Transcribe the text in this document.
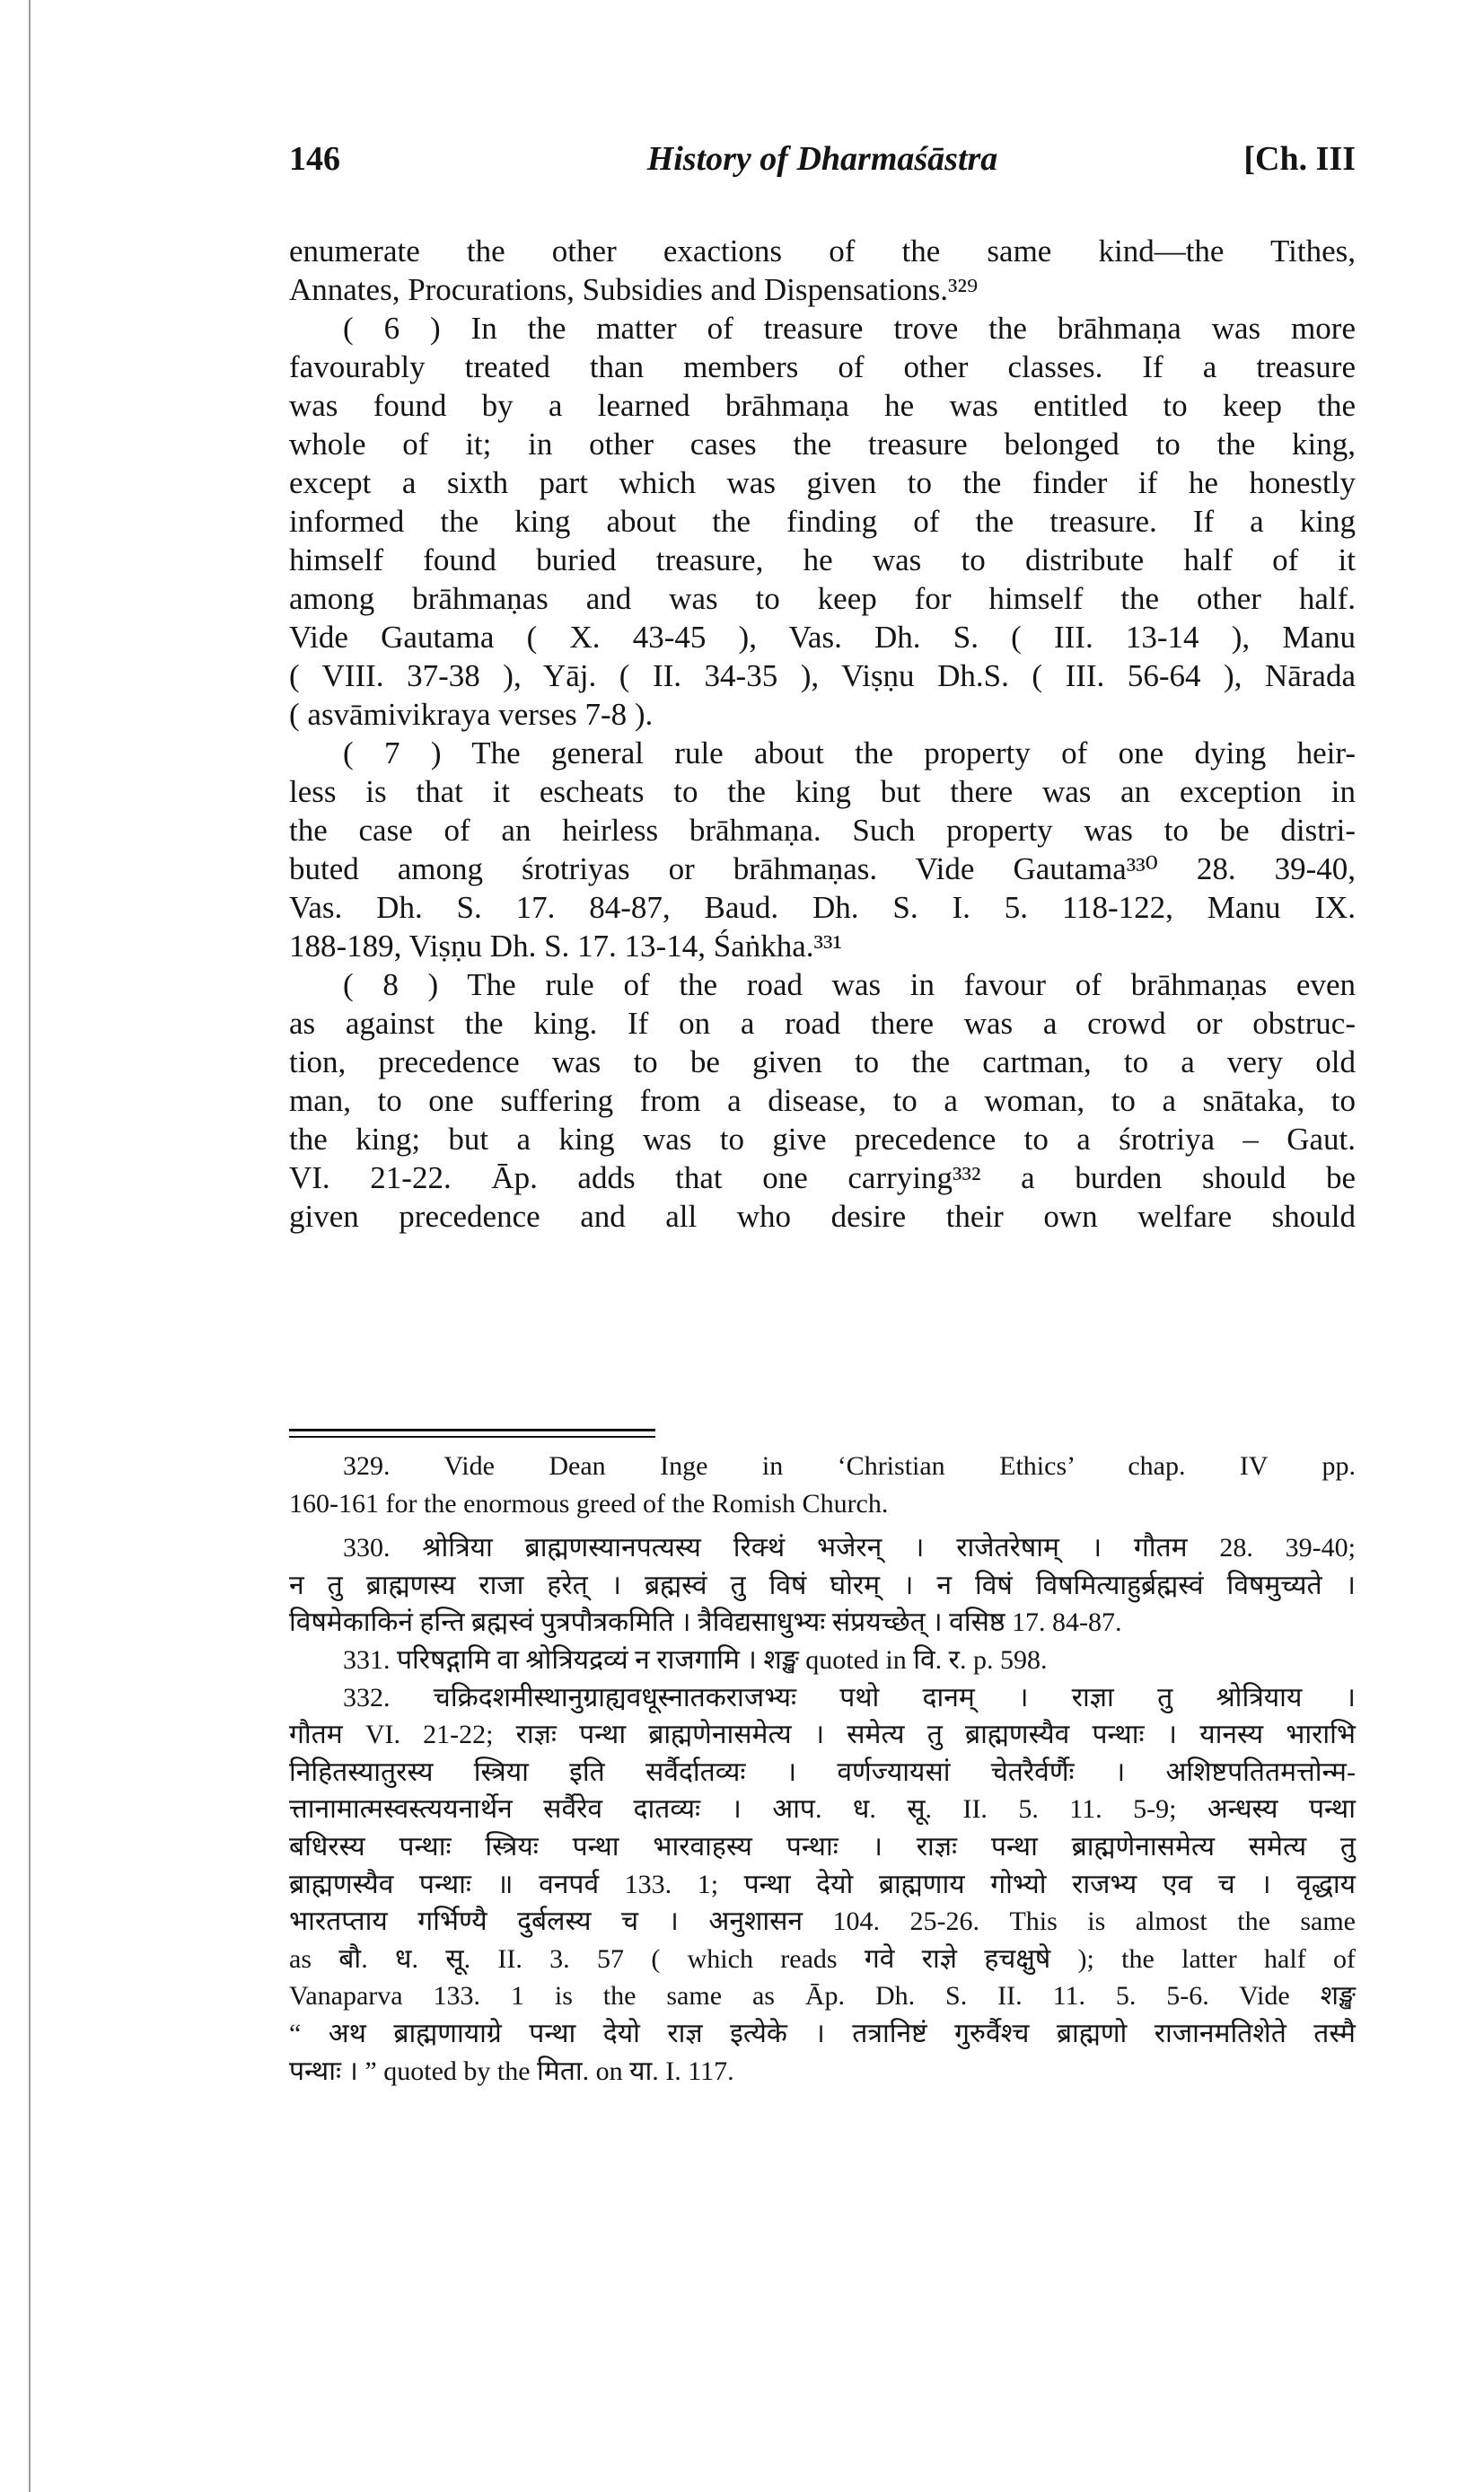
146	History of Dharmaśāstra	[Ch. III
enumerate the other exactions of the same kind—the Tithes,
Annates, Procurations, Subsidies and Dispensations.³²⁹
( 6 ) In the matter of treasure trove the brāhmaṇa was more
favourably treated than members of other classes. If a treasure
was found by a learned brāhmaṇa he was entitled to keep the
whole of it; in other cases the treasure belonged to the king,
except a sixth part which was given to the finder if he honestly
informed the king about the finding of the treasure. If a king
himself found buried treasure, he was to distribute half of it
among brāhmaṇas and was to keep for himself the other half.
Vide Gautama ( X. 43-45 ), Vas. Dh. S. ( III. 13-14 ), Manu
( VIII. 37-38 ), Yāj. ( II. 34-35 ), Viṣṇu Dh.S. ( III. 56-64 ), Nārada
( asvāmivikraya verses 7-8 ).
( 7 ) The general rule about the property of one dying heir-
less is that it escheats to the king but there was an exception in
the case of an heirless brāhmaṇa. Such property was to be distri-
buted among śrotriyas or brāhmaṇas. Vide Gautama³³⁰ 28. 39-40,
Vas. Dh. S. 17. 84-87, Baud. Dh. S. I. 5. 118-122, Manu IX.
188-189, Viṣṇu Dh. S. 17. 13-14, Śaṅkha.³³¹
( 8 ) The rule of the road was in favour of brāhmaṇas even
as against the king. If on a road there was a crowd or obstruc-
tion, precedence was to be given to the cartman, to a very old
man, to one suffering from a disease, to a woman, to a snātaka, to
the king; but a king was to give precedence to a śrotriya – Gaut.
VI. 21-22. Āp. adds that one carrying³³² a burden should be
given precedence and all who desire their own welfare should
329. Vide Dean Inge in ‘Christian Ethics’ chap. IV pp.
160-161 for the enormous greed of the Romish Church.
330. श्रोत्रिया ब्राह्मणस्यानपत्यस्य रिक्थं भजेरन् । राजेतरेषाम् । गौतम 28. 39-40;
न तु ब्राह्मणस्य राजा हरेत् । ब्रह्मस्वं तु विषं घोरम् । न विषं विषमित्याहुर्ब्रह्मस्वं विषमुच्यते ।
विषमेकाकिनं हन्ति ब्रह्मस्वं पुत्रपौत्रकमिति । त्रैविद्यसाधुभ्यः संप्रयच्छेत् । वसिष्ठ 17. 84-87.
331. परिषद्गामि वा श्रोत्रियद्रव्यं न राजगामि । शङ्ख quoted in वि. र. p. 598.
332. चक्रिदशमीस्थानुग्राह्यवधूस्नातकराजभ्यः पथो दानम् । राज्ञा तु श्रोत्रियाय ।
गौतम VI. 21-22; राज्ञः पन्था ब्राह्मणेनासमेत्य । समेत्य तु ब्राह्मणस्यैव पन्थाः । यानस्य भाराभि
निहितस्यातुरस्य स्त्रिया इति सर्वैर्दातव्यः । वर्णज्यायसां चेतरैर्वर्णैः । अशिष्टपतितमत्तोन्म-
त्तानामात्मस्वस्त्ययनार्थेन सर्वैरेव दातव्यः । आप. ध. सू. II. 5. 11. 5-9; अन्धस्य पन्था
बधिरस्य पन्थाः स्त्रियः पन्था भारवाहस्य पन्थाः । राज्ञः पन्था ब्राह्मणेनासमेत्य समेत्य तु
ब्राह्मणस्यैव पन्थाः ॥ वनपर्व 133. 1; पन्था देयो ब्राह्मणाय गोभ्यो राजभ्य एव च । वृद्धाय
भारतप्ताय गर्भिण्यै दुर्बलस्य च । अनुशासन 104. 25-26. This is almost the same
as बौ. ध. सू. II. 3. 57 ( which reads गवे राज्ञे हचक्षुषे ); the latter half of
Vanaparva 133. 1 is the same as Āp. Dh. S. II. 11. 5. 5-6. Vide शङ्ख
“ अथ ब्राह्मणायाग्रे पन्था देयो राज्ञ इत्येके । तत्रानिष्टं गुरुर्वैश्च ब्राह्मणो राजानमतिशेते तस्मै
पन्थाः । ” quoted by the मिता. on या. I. 117.
